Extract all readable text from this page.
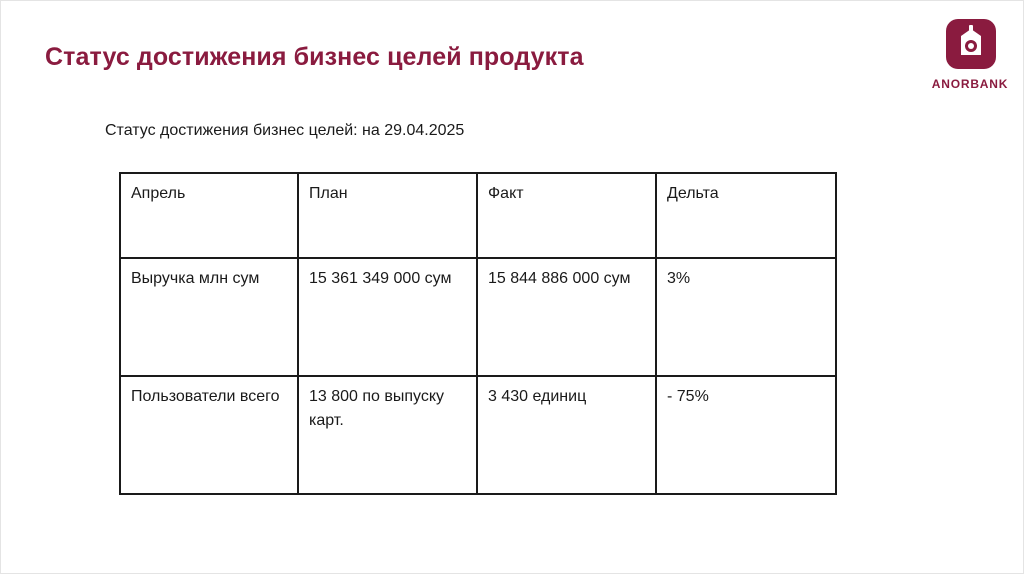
Статус достижения бизнес целей продукта
ANORBANK

Статус достижения бизнес целей: на 29.04.2025

Апрель	План	Факт	Дельта
Выручка млн сум	15 361 349 000 сум	15 844 886 000 сум	3%
Пользователи всего	13 800 по выпуску карт.	3 430 единиц	- 75%
